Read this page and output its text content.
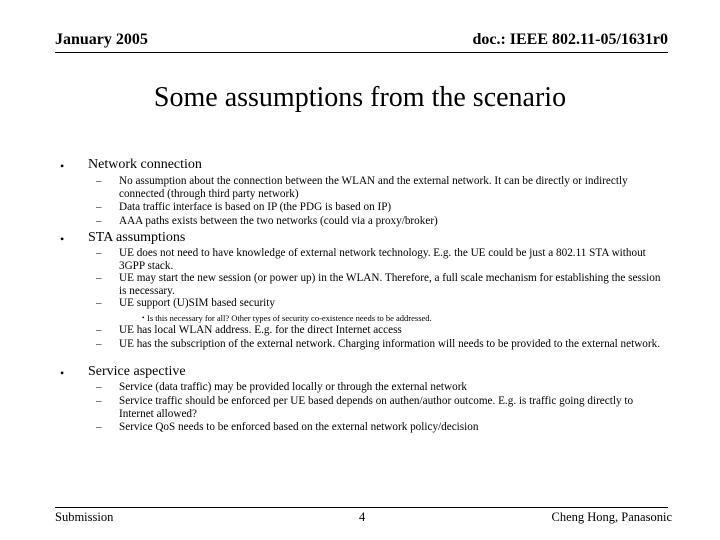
January 2005	doc.: IEEE 802.11-05/1631r0
Some assumptions from the scenario
• Network connection
– No assumption about the connection between the WLAN and the external network. It can be directly or indirectly connected (through third party network)
– Data traffic interface is based on IP (the PDG is based on IP)
– AAA paths exists between the two networks (could via a proxy/broker)
• STA assumptions
– UE does not need to have knowledge of external network technology. E.g. the UE could be just a 802.11 STA without 3GPP stack.
– UE may start the new session (or power up) in the WLAN. Therefore, a full scale mechanism for establishing the session is necessary.
– UE support (U)SIM based security
• Is this necessary for all? Other types of security co-existence needs to be addressed.
– UE has local WLAN address. E.g. for the direct Internet access
– UE has the subscription of the external network. Charging information will needs to be provided to the external network.
• Service aspective
– Service (data traffic) may be provided locally or through the external network
– Service traffic should be enforced per UE based depends on authen/author outcome. E.g. is traffic going directly to Internet allowed?
– Service QoS needs to be enforced based on the external network policy/decision
Submission	4	Cheng Hong, Panasonic
